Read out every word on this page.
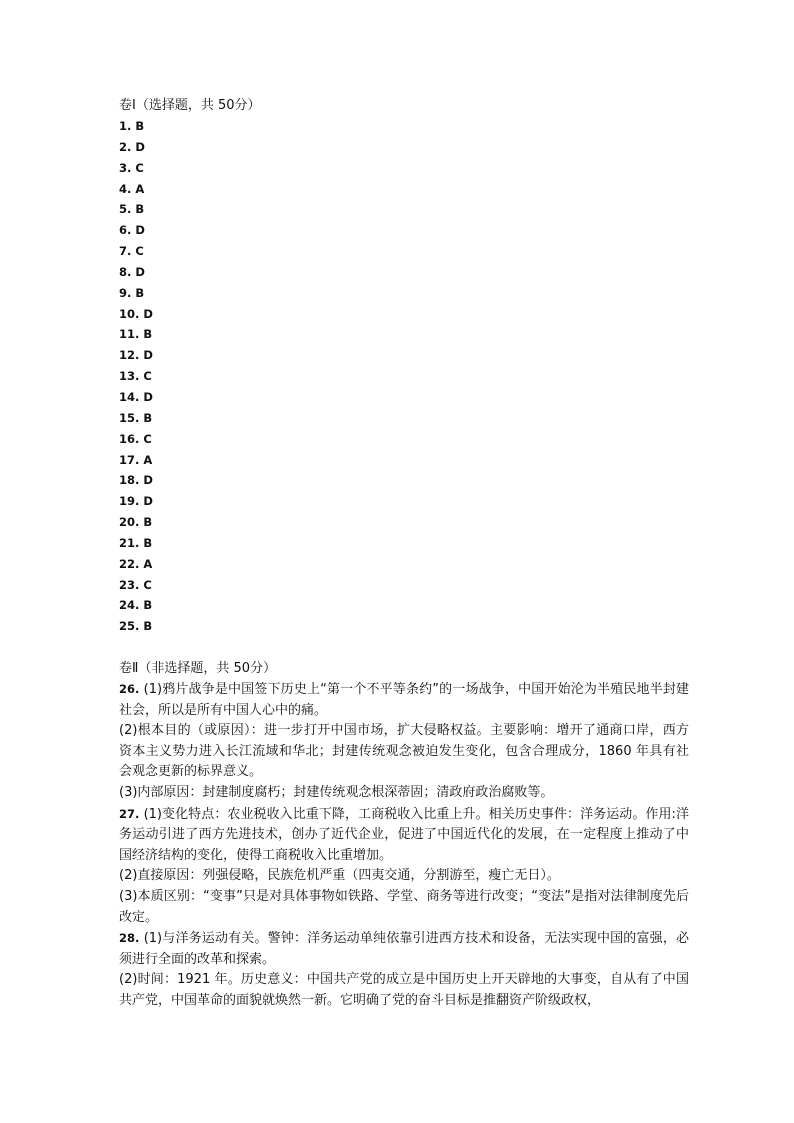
卷Ⅰ（选择题，共 50分）
1. B
2. D
3. C
4. A
5. B
6. D
7. C
8. D
9. B
10. D
11. B
12. D
13. C
14. D
15. B
16. C
17. A
18. D
19. D
20. B
21. B
22. A
23. C
24. B
25. B
卷Ⅱ（非选择题，共 50分）

26. (1)鸦片战争是中国签下历史上“第一个不平等条约”的一场战争，中国开始沦为半殖民地半封建社会，所以是所有中国人心中的痛。

(2)根本目的（或原因）：进一步打开中国市场，扩大侵略权益。主要影响：增开了通商口岸，西方资本主义势力进入长江流域和华北；封建传统观念被迫发生变化，包含合理成分，1860 年具有社会观念更新的标界意义。

(3)内部原因：封建制度腐朽；封建传统观念根深蒂固；清政府政治腐败等。

27. (1)变化特点：农业税收入比重下降，工商税收入比重上升。相关历史事件：洋务运动。作用:洋务运动引进了西方先进技术，创办了近代企业，促进了中国近代化的发展，在一定程度上推动了中国经济结构的变化，使得工商税收入比重增加。

(2)直接原因：列强侵略，民族危机严重（四夷交通，分割游至，瘦亡无日）。

(3)本质区别：“变事”只是对具体事物如铁路、学堂、商务等进行改变；“变法”是指对法律制度先后改定。

28. (1)与洋务运动有关。警钟：洋务运动单纯依靠引进西方技术和设备，无法实现中国的富强，必须进行全面的改革和探索。

(2)时间：1921 年。历史意义：中国共产党的成立是中国历史上开天辟地的大事变，自从有了中国共产党，中国革命的面貌就焕然一新。它明确了党的奋斗目标是推翻资产阶级政权，
